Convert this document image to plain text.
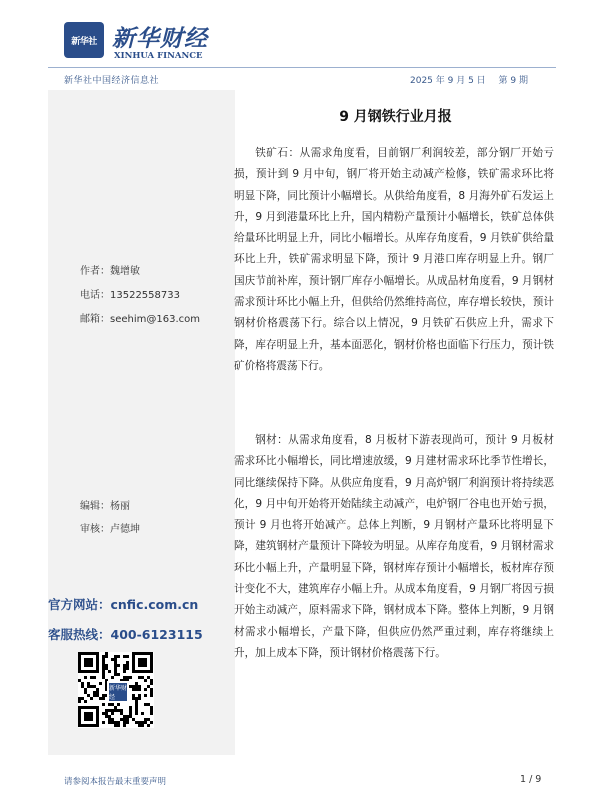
新华社 新华财经
XINHUA FINANCE
新华社中国经济信息社	2025 年 9 月 5 日 第 9 期
作者：魏增敏
电话：13522558733
邮箱：seehim@163.com
编辑：杨丽
审核：卢德坤
官方网站：cnfic.com.cn
客服热线：400-6123115
新华财经
9 月钢铁行业月报

铁矿石：从需求角度看，目前钢厂利润较差，部分钢厂开始亏损，预计到 9 月中旬，钢厂将开始主动减产检修，铁矿需求环比将明显下降，同比预计小幅增长。从供给角度看，8 月海外矿石发运上升，9 月到港量环比上升，国内精粉产量预计小幅增长，铁矿总体供给量环比明显上升，同比小幅增长。从库存角度看，9 月铁矿供给量环比上升，铁矿需求明显下降，预计 9 月港口库存明显上升。钢厂国庆节前补库，预计钢厂库存小幅增长。从成品材角度看，9 月钢材需求预计环比小幅上升，但供给仍然维持高位，库存增长较快，预计钢材价格震荡下行。综合以上情况，9 月铁矿石供应上升，需求下降，库存明显上升，基本面恶化，钢材价格也面临下行压力，预计铁矿价格将震荡下行。

钢材：从需求角度看，8 月板材下游表现尚可，预计 9 月板材需求环比小幅增长，同比增速放缓，9 月建材需求环比季节性增长，同比继续保持下降。从供应角度看，9 月高炉钢厂利润预计将持续恶化，9 月中旬开始将开始陆续主动减产，电炉钢厂谷电也开始亏损，预计 9 月也将开始减产。总体上判断，9 月钢材产量环比将明显下降，建筑钢材产量预计下降较为明显。从库存角度看，9 月钢材需求环比小幅上升，产量明显下降，钢材库存预计小幅增长，板材库存预计变化不大，建筑库存小幅上升。从成本角度看，9 月钢厂将因亏损开始主动减产，原料需求下降，钢材成本下降。整体上判断，9 月钢材需求小幅增长，产量下降，但供应仍然严重过剩，库存将继续上升，加上成本下降，预计钢材价格震荡下行。

请参阅本报告最末重要声明	1 / 9
